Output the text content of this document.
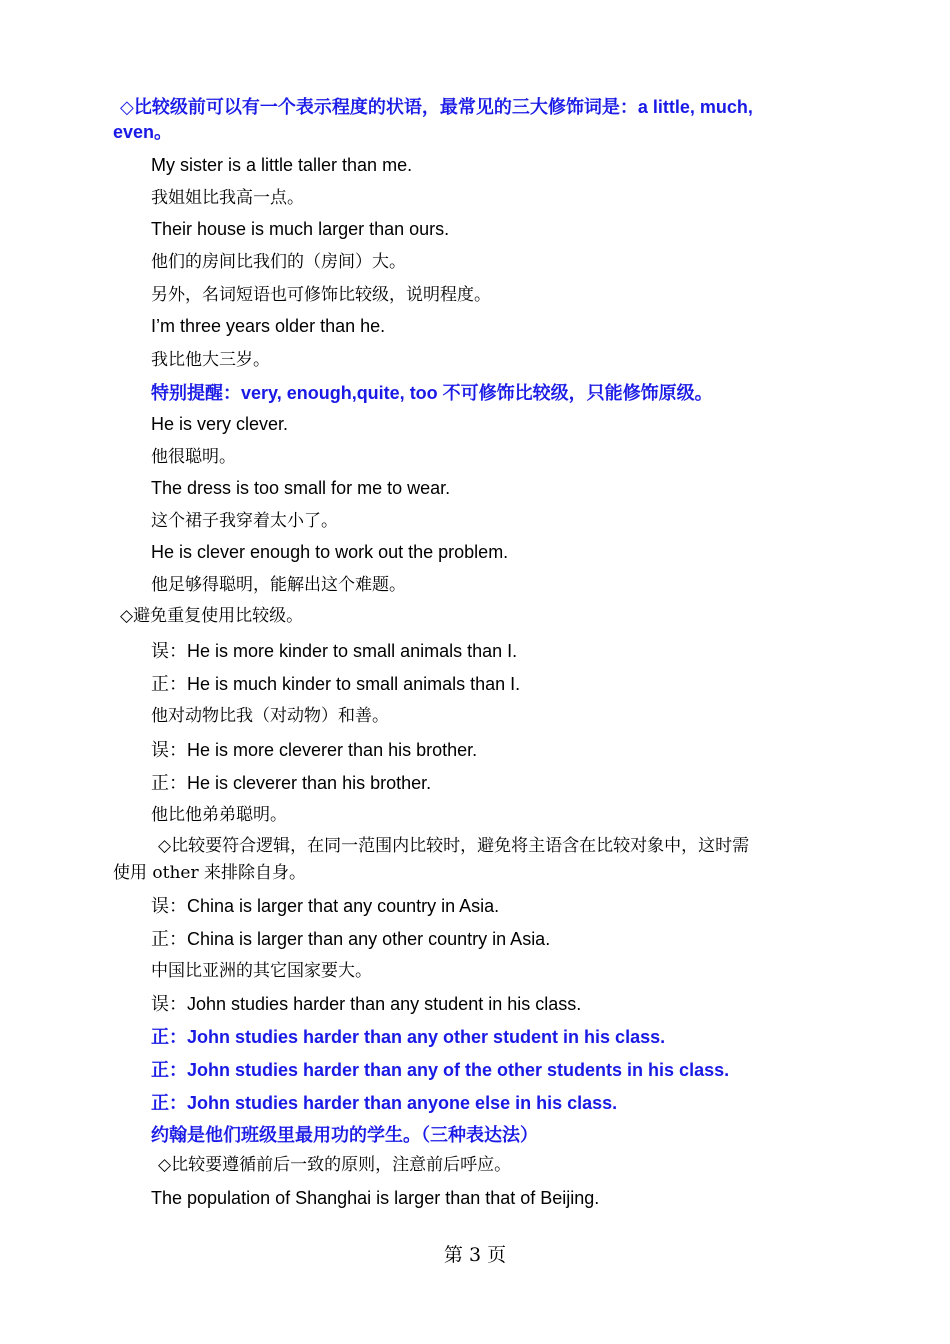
◇比较级前可以有一个表示程度的状语，最常见的三大修饰词是：a little, much,
even。
My sister is a little taller than me.
我姐姐比我高一点。
Their house is much larger than ours.
他们的房间比我们的（房间）大。
另外，名词短语也可修饰比较级，说明程度。
I’m three years older than he.
我比他大三岁。
特别提醒：very, enough,quite, too 不可修饰比较级，只能修饰原级。
He is very clever.
他很聪明。
The dress is too small for me to wear.
这个裙子我穿着太小了。
He is clever enough to work out the problem.
他足够得聪明，能解出这个难题。
◇避免重复使用比较级。
误：He is more kinder to small animals than I.
正：He is much kinder to small animals than I.
他对动物比我（对动物）和善。
误：He is more cleverer than his brother.
正：He is cleverer than his brother.
他比他弟弟聪明。
◇比较要符合逻辑，在同一范围内比较时，避免将主语含在比较对象中，这时需
使用 other 来排除自身。
误：China is larger that any country in Asia.
正：China is larger than any other country in Asia.
中国比亚洲的其它国家要大。
误：John studies harder than any student in his class.
正：John studies harder than any other student in his class.
正：John studies harder than any of the other students in his class.
正：John studies harder than anyone else in his class.
约翰是他们班级里最用功的学生。（三种表达法）
◇比较要遵循前后一致的原则，注意前后呼应。
The population of Shanghai is larger than that of Beijing.
第 3 页
